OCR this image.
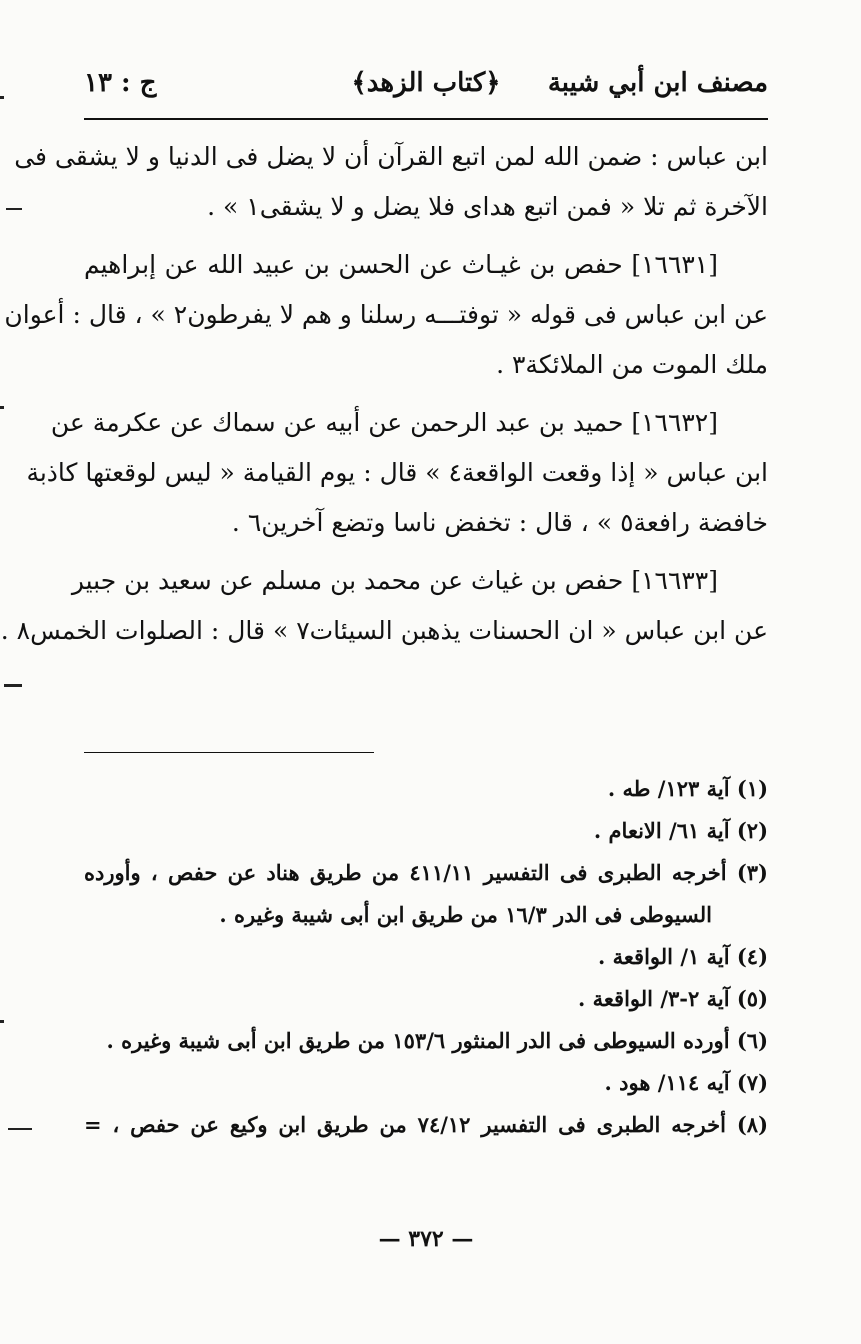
مصنف ابن أبي شيبة
﴿كتاب الزهد﴾
ج : ١٣
ابن عباس : ضمن الله لمن اتبع القرآن أن لا يضل فى الدنيا و لا يشقى فى
الآخرة ثم تلا « فمن اتبع هداى فلا يضل و لا يشقى١ » .
[١٦٦٣١] حفص بن غيـاث عن الحسن بن عبيد الله عن إبراهيم
عن ابن عباس فى قوله « توفتـــه رسلنا و هم لا يفرطون٢ » ، قال : أعوان
ملك الموت من الملائكة٣ .
[١٦٦٣٢] حميد بن عبد الرحمن عن أبيه عن سماك عن عكرمة عن
ابن عباس « إذا وقعت الواقعة٤ » قال : يوم القيامة « ليس لوقعتها كاذبة
خافضة رافعة٥ » ، قال : تخفض ناسا وتضع آخرين٦ .
[١٦٦٣٣] حفص بن غياث عن محمد بن مسلم عن سعيد بن جبير
عن ابن عباس « ان الحسنات يذهبن السيئات٧ » قال : الصلوات الخمس٨ .
(١) آية ١٢٣/ طه .
(٢) آية ٦١/ الانعام .
(٣) أخرجه الطبرى فى التفسير ٤١١/١١ من طريق هناد عن حفص ، وأورده
السيوطى فى الدر ١٦/٣ من طريق ابن أبى شيبة وغيره .
(٤) آية ١/ الواقعة .
(٥) آية ٢-٣/ الواقعة .
(٦) أورده السيوطى فى الدر المنثور ١٥٣/٦ من طريق ابن أبى شيبة وغيره .
(٧) آيه ١١٤/ هود .
(٨) أخرجه الطبرى فى التفسير ٧٤/١٢ من طريق ابن وكيع عن حفص ، =
— ٣٧٢ —
